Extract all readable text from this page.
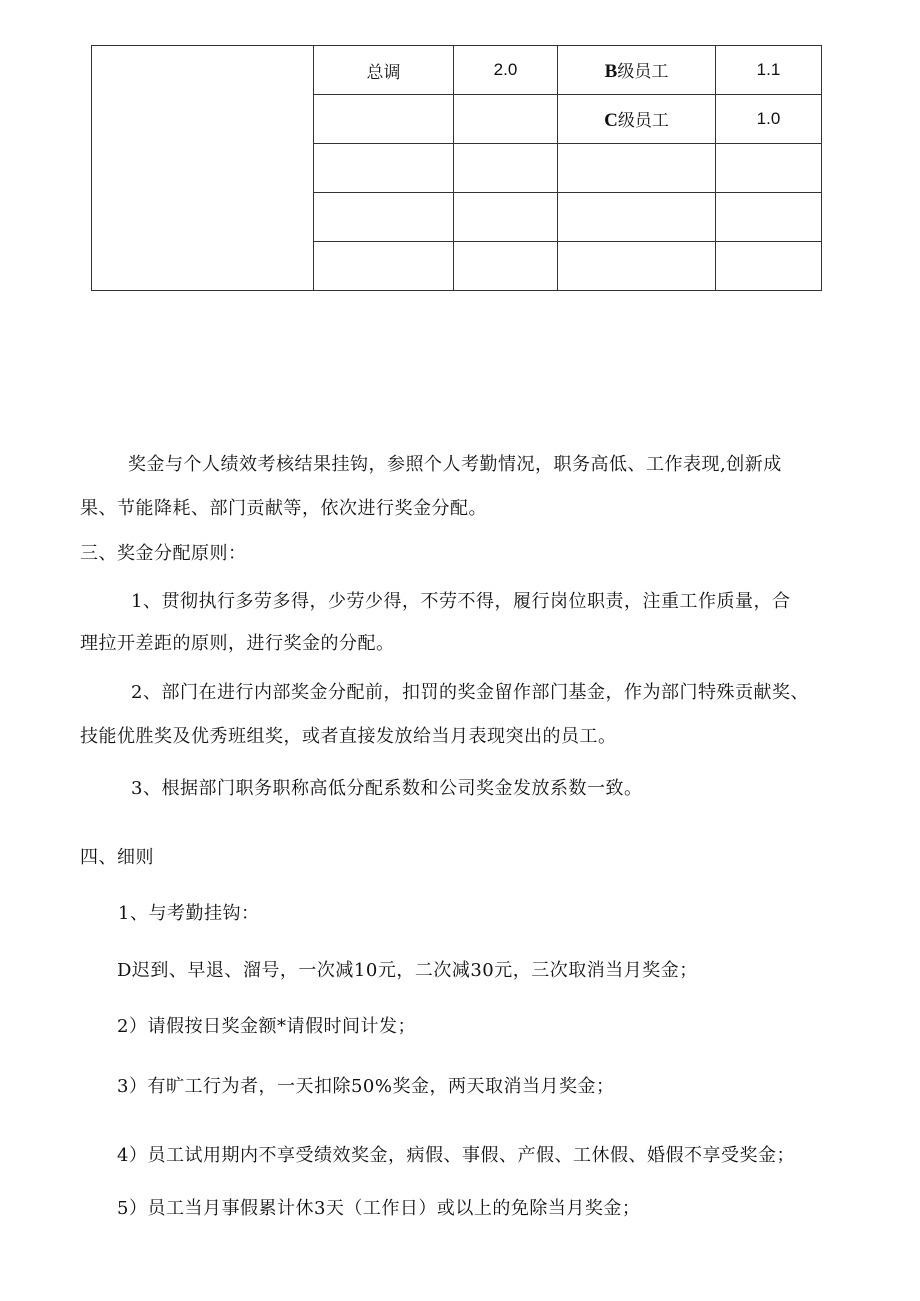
	总调	2.0	B级员工	1.1
			C级员工	1.0

奖金与个人绩效考核结果挂钩，参照个人考勤情况，职务高低、工作表现,创新成
果、节能降耗、部门贡献等，依次进行奖金分配。
三、奖金分配原则：
1、贯彻执行多劳多得，少劳少得，不劳不得，履行岗位职责，注重工作质量，合
理拉开差距的原则，进行奖金的分配。
2、部门在进行内部奖金分配前，扣罚的奖金留作部门基金，作为部门特殊贡献奖、
技能优胜奖及优秀班组奖，或者直接发放给当月表现突出的员工。
3、根据部门职务职称高低分配系数和公司奖金发放系数一致。
四、细则
1、与考勤挂钩：
D迟到、早退、溜号，一次减10元，二次减30元，三次取消当月奖金；
2）请假按日奖金额*请假时间计发；
3）有旷工行为者，一天扣除50%奖金，两天取消当月奖金；
4）员工试用期内不享受绩效奖金，病假、事假、产假、工休假、婚假不享受奖金；
5）员工当月事假累计休3天（工作日）或以上的免除当月奖金；
